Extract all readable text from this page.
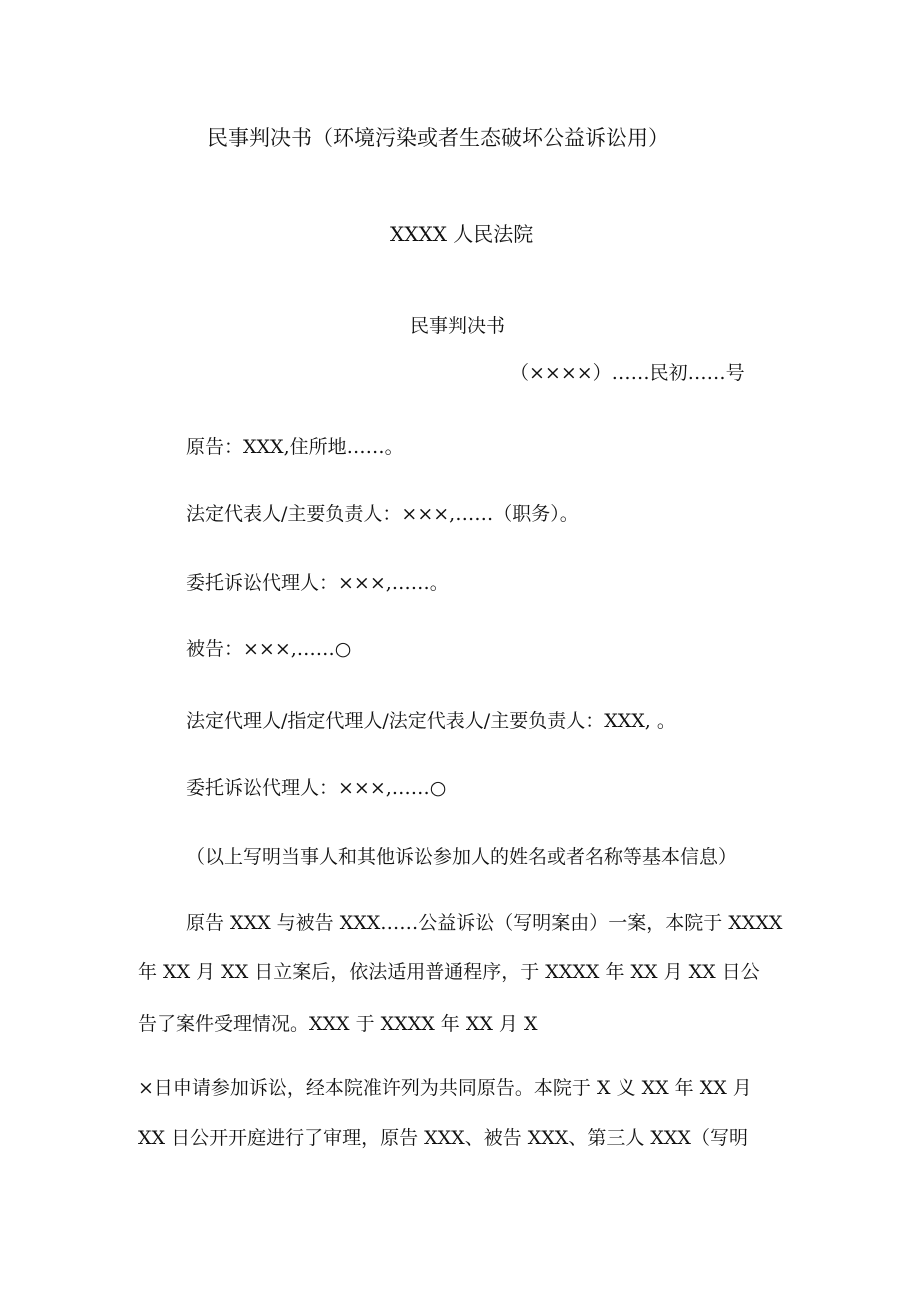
民事判决书（环境污染或者生态破坏公益诉讼用）
XXXX 人民法院
民事判决书
（××××）……民初……号
原告：XXX,住所地……。
法定代表人/主要负责人：×××,……（职务）。
委托诉讼代理人：×××,……。
被告：×××,……○
法定代理人/指定代理人/法定代表人/主要负责人：XXX, 。
委托诉讼代理人：×××,……○
（以上写明当事人和其他诉讼参加人的姓名或者名称等基本信息）
原告 XXX 与被告 XXX……公益诉讼（写明案由）一案，本院于 XXXX
年 XX 月 XX 日立案后，依法适用普通程序，于 XXXX 年 XX 月 XX 日公
告了案件受理情况。XXX 于 XXXX 年 XX 月 X
×日申请参加诉讼，经本院准许列为共同原告。本院于 X 义 XX 年 XX 月
XX 日公开开庭进行了审理，原告 XXX、被告 XXX、第三人 XXX（写明
